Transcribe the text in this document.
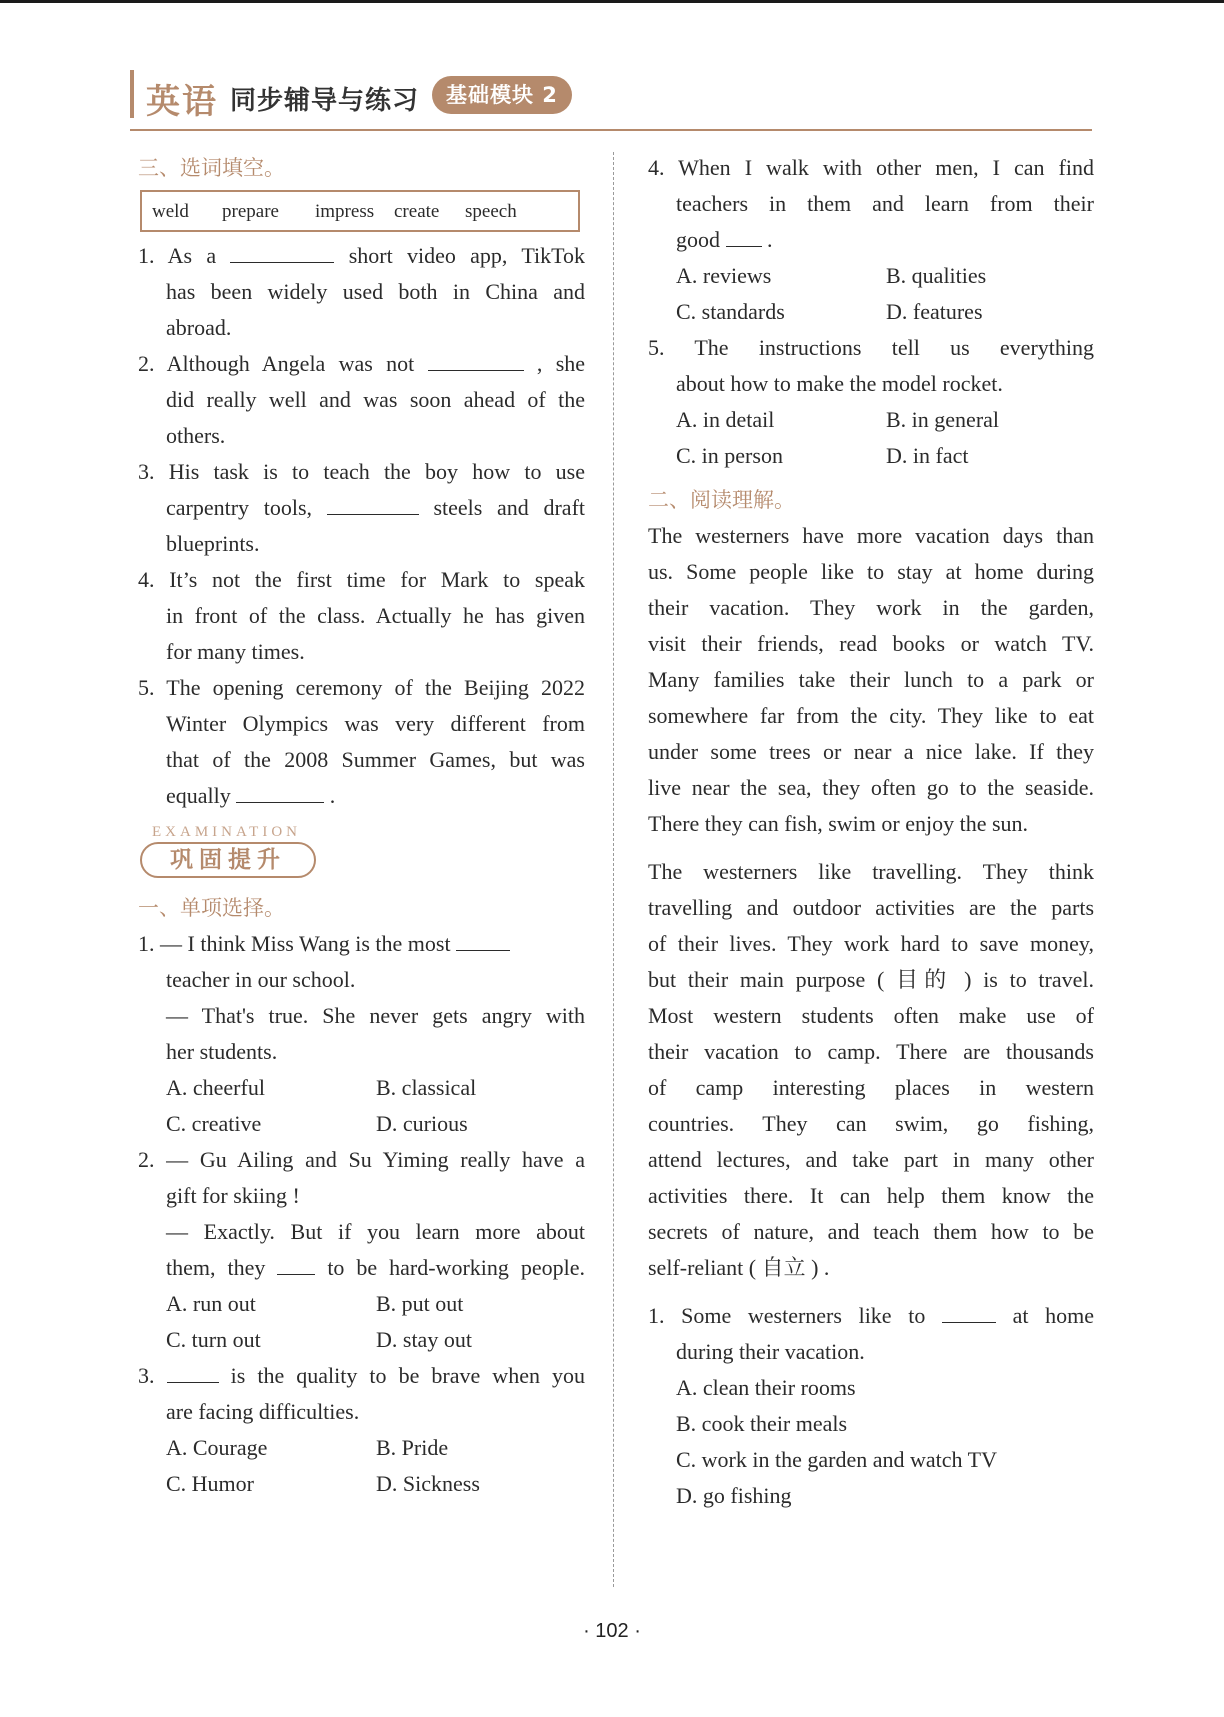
英语 同步辅导与练习	基础模块 2
三、选词填空。
weld prepare impress create speech
1. As a	short video app, TikTok
has been widely used both in China and
abroad.
2. Although Angela was not	, she
did really well and was soon ahead of the
others.
3. His task is to teach the boy how to use
carpentry tools,	steels and draft
blueprints.
4. It’s not the first time for Mark to speak
in front of the class. Actually he has given
for many times.
5. The opening ceremony of the Beijing 2022
Winter Olympics was very different from
that of the 2008 Summer Games, but was
equally	.
EXAMINATION
巩固提升
一、单项选择。
1. — I think Miss Wang is the most
teacher in our school.
— That's true. She never gets angry with
her students.
A. cheerful	B. classical
C. creative	D. curious
2. — Gu Ailing and Su Yiming really have a
gift for skiing !
— Exactly. But if you learn more about
them, they	to be hard-working people.
A. run out	B. put out
C. turn out	D. stay out
3.	is the quality to be brave when you
are facing difficulties.
A. Courage	B. Pride
C. Humor	D. Sickness
4. When I walk with other men, I can find
teachers in them and learn from their
good .
A. reviews	B. qualities
C. standards	D. features
5. The instructions tell us everything
about how to make the model rocket.
A. in detail	B. in general
C. in person	D. in fact
二、阅读理解。
The westerners have more vacation days than
us. Some people like to stay at home during
their vacation. They work in the garden,
visit their friends, read books or watch TV.
Many families take their lunch to a park or
somewhere far from the city. They like to eat
under some trees or near a nice lake. If they
live near the sea, they often go to the seaside.
There they can fish, swim or enjoy the sun.
The westerners like travelling. They think
travelling and outdoor activities are the parts
of their lives. They work hard to save money,
but their main purpose ( 目的 ) is to travel.
Most western students often make use of
their vacation to camp. There are thousands
of camp interesting places in western
countries. They can swim, go fishing,
attend lectures, and take part in many other
activities there. It can help them know the
secrets of nature, and teach them how to be
self-reliant ( 自立 ) .
1. Some westerners like to	at home
during their vacation.
A. clean their rooms
B. cook their meals
C. work in the garden and watch TV
D. go fishing
· 102 ·
